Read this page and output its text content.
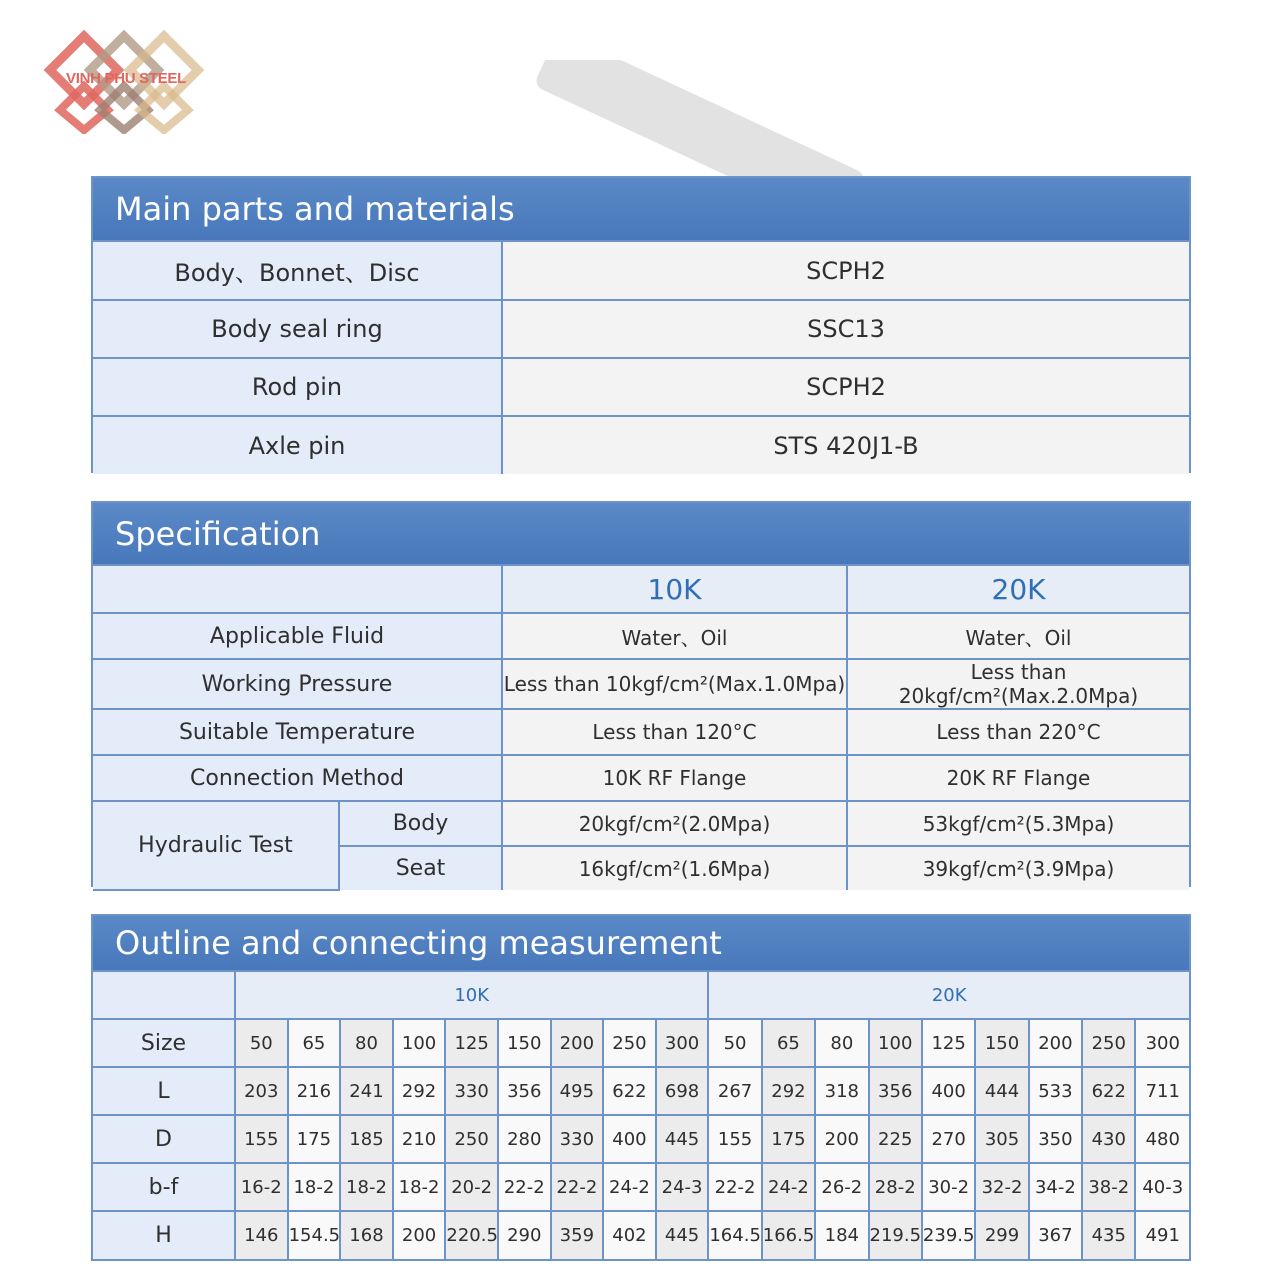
VINH PHU STEEL
Main parts and materials
Body、Bonnet、Disc	SCPH2
Body seal ring	SSC13
Rod pin	SCPH2
Axle pin	STS 420J1-B
Specification
		10K	20K
Applicable Fluid		Water、Oil	Water、Oil
Working Pressure		Less than 10kgf/cm²(Max.1.0Mpa)	Less than 20kgf/cm²(Max.2.0Mpa)
Suitable Temperature		Less than 120°C	Less than 220°C
Connection Method		10K RF Flange	20K RF Flange
Hydraulic Test	Body	20kgf/cm²(2.0Mpa)	53kgf/cm²(5.3Mpa)
	Seat	16kgf/cm²(1.6Mpa)	39kgf/cm²(3.9Mpa)
Outline and connecting measurement
	10K									20K								
Size	50	65	80	100	125	150	200	250	300	50	65	80	100	125	150	200	250	300
L	203	216	241	292	330	356	495	622	698	267	292	318	356	400	444	533	622	711
D	155	175	185	210	250	280	330	400	445	155	175	200	225	270	305	350	430	480
b-f	16-2	18-2	18-2	18-2	20-2	22-2	22-2	24-2	24-3	22-2	24-2	26-2	28-2	30-2	32-2	34-2	38-2	40-3
H	146	154.5	168	200	220.5	290	359	402	445	164.5	166.5	184	219.5	239.5	299	367	435	491
